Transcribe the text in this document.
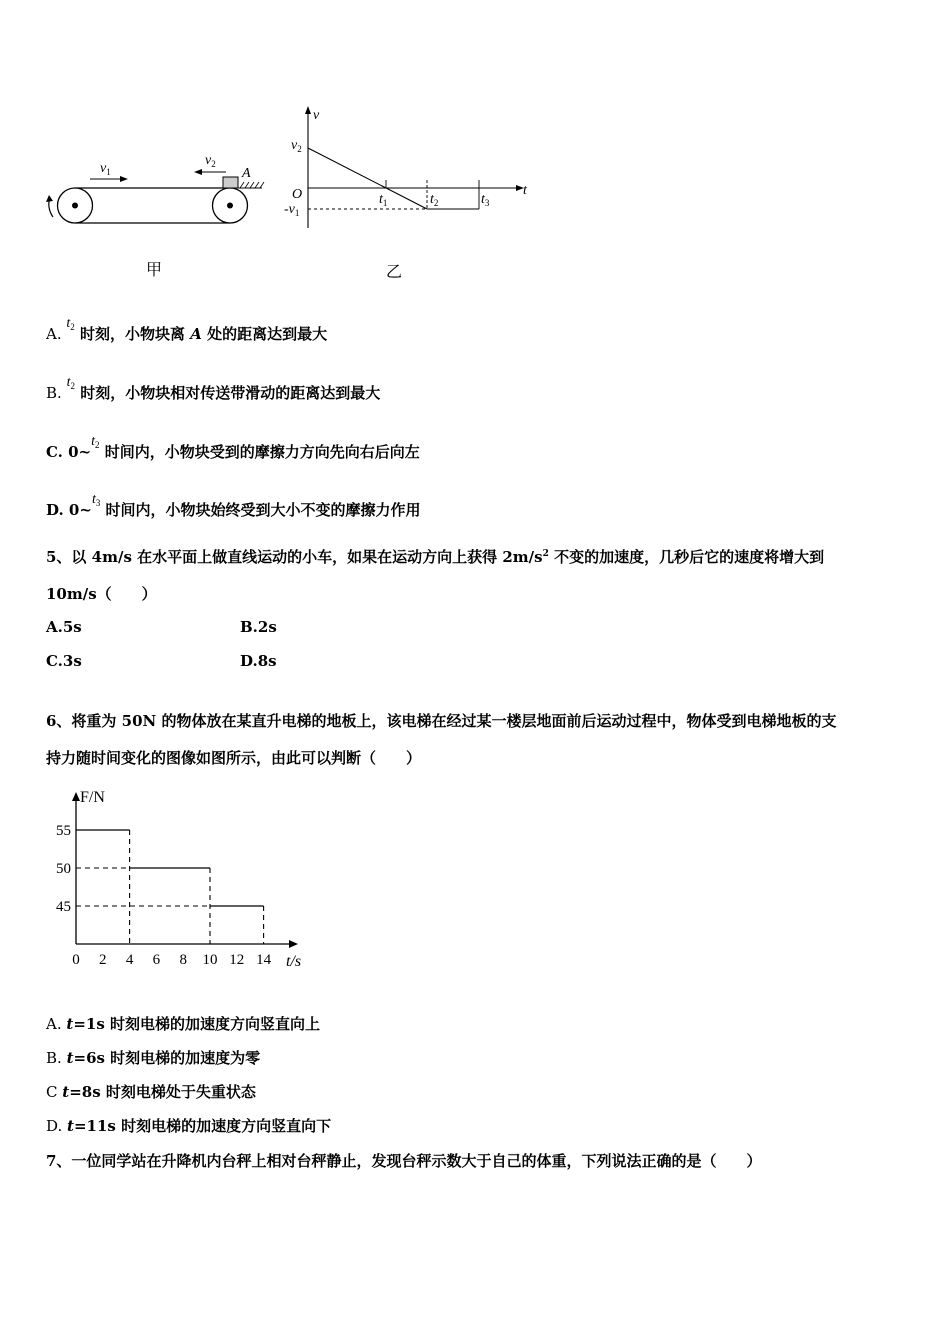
$v_1$
$v_2$
A
v
t
O
$v_2$
$-v_1$
$t_1$	$t_2$	$t_3$
甲	乙
A. $t_2$ 时刻，小物块离 A 处的距离达到最大
B. $t_2$ 时刻，小物块相对传送带滑动的距离达到最大
C. $0\sim t_2$ 时间内，小物块受到的摩擦力方向先向右后向左
D. $0\sim t_3$ 时间内，小物块始终受到大小不变的摩擦力作用
5、以 4m/s 在水平面上做直线运动的小车，如果在运动方向上获得 $2m/s^2$ 不变的加速度，几秒后它的速度将增大到
10m/s（　　）
A.5s	B.2s
C.3s	D.8s
6、将重为 50N 的物体放在某直升电梯的地板上，该电梯在经过某一楼层地面前后运动过程中，物体受到电梯地板的支
持力随时间变化的图像如图所示，由此可以判断（　　）
0 2 4 6 8 10 12 14
45
50
55
F/N
t/s
A. t=1s 时刻电梯的加速度方向竖直向上
B. t=6s 时刻电梯的加速度为零
C t=8s 时刻电梯处于失重状态
D. t=11s 时刻电梯的加速度方向竖直向下
7、一位同学站在升降机内台秤上相对台秤静止，发现台秤示数大于自己的体重，下列说法正确的是（　　）
